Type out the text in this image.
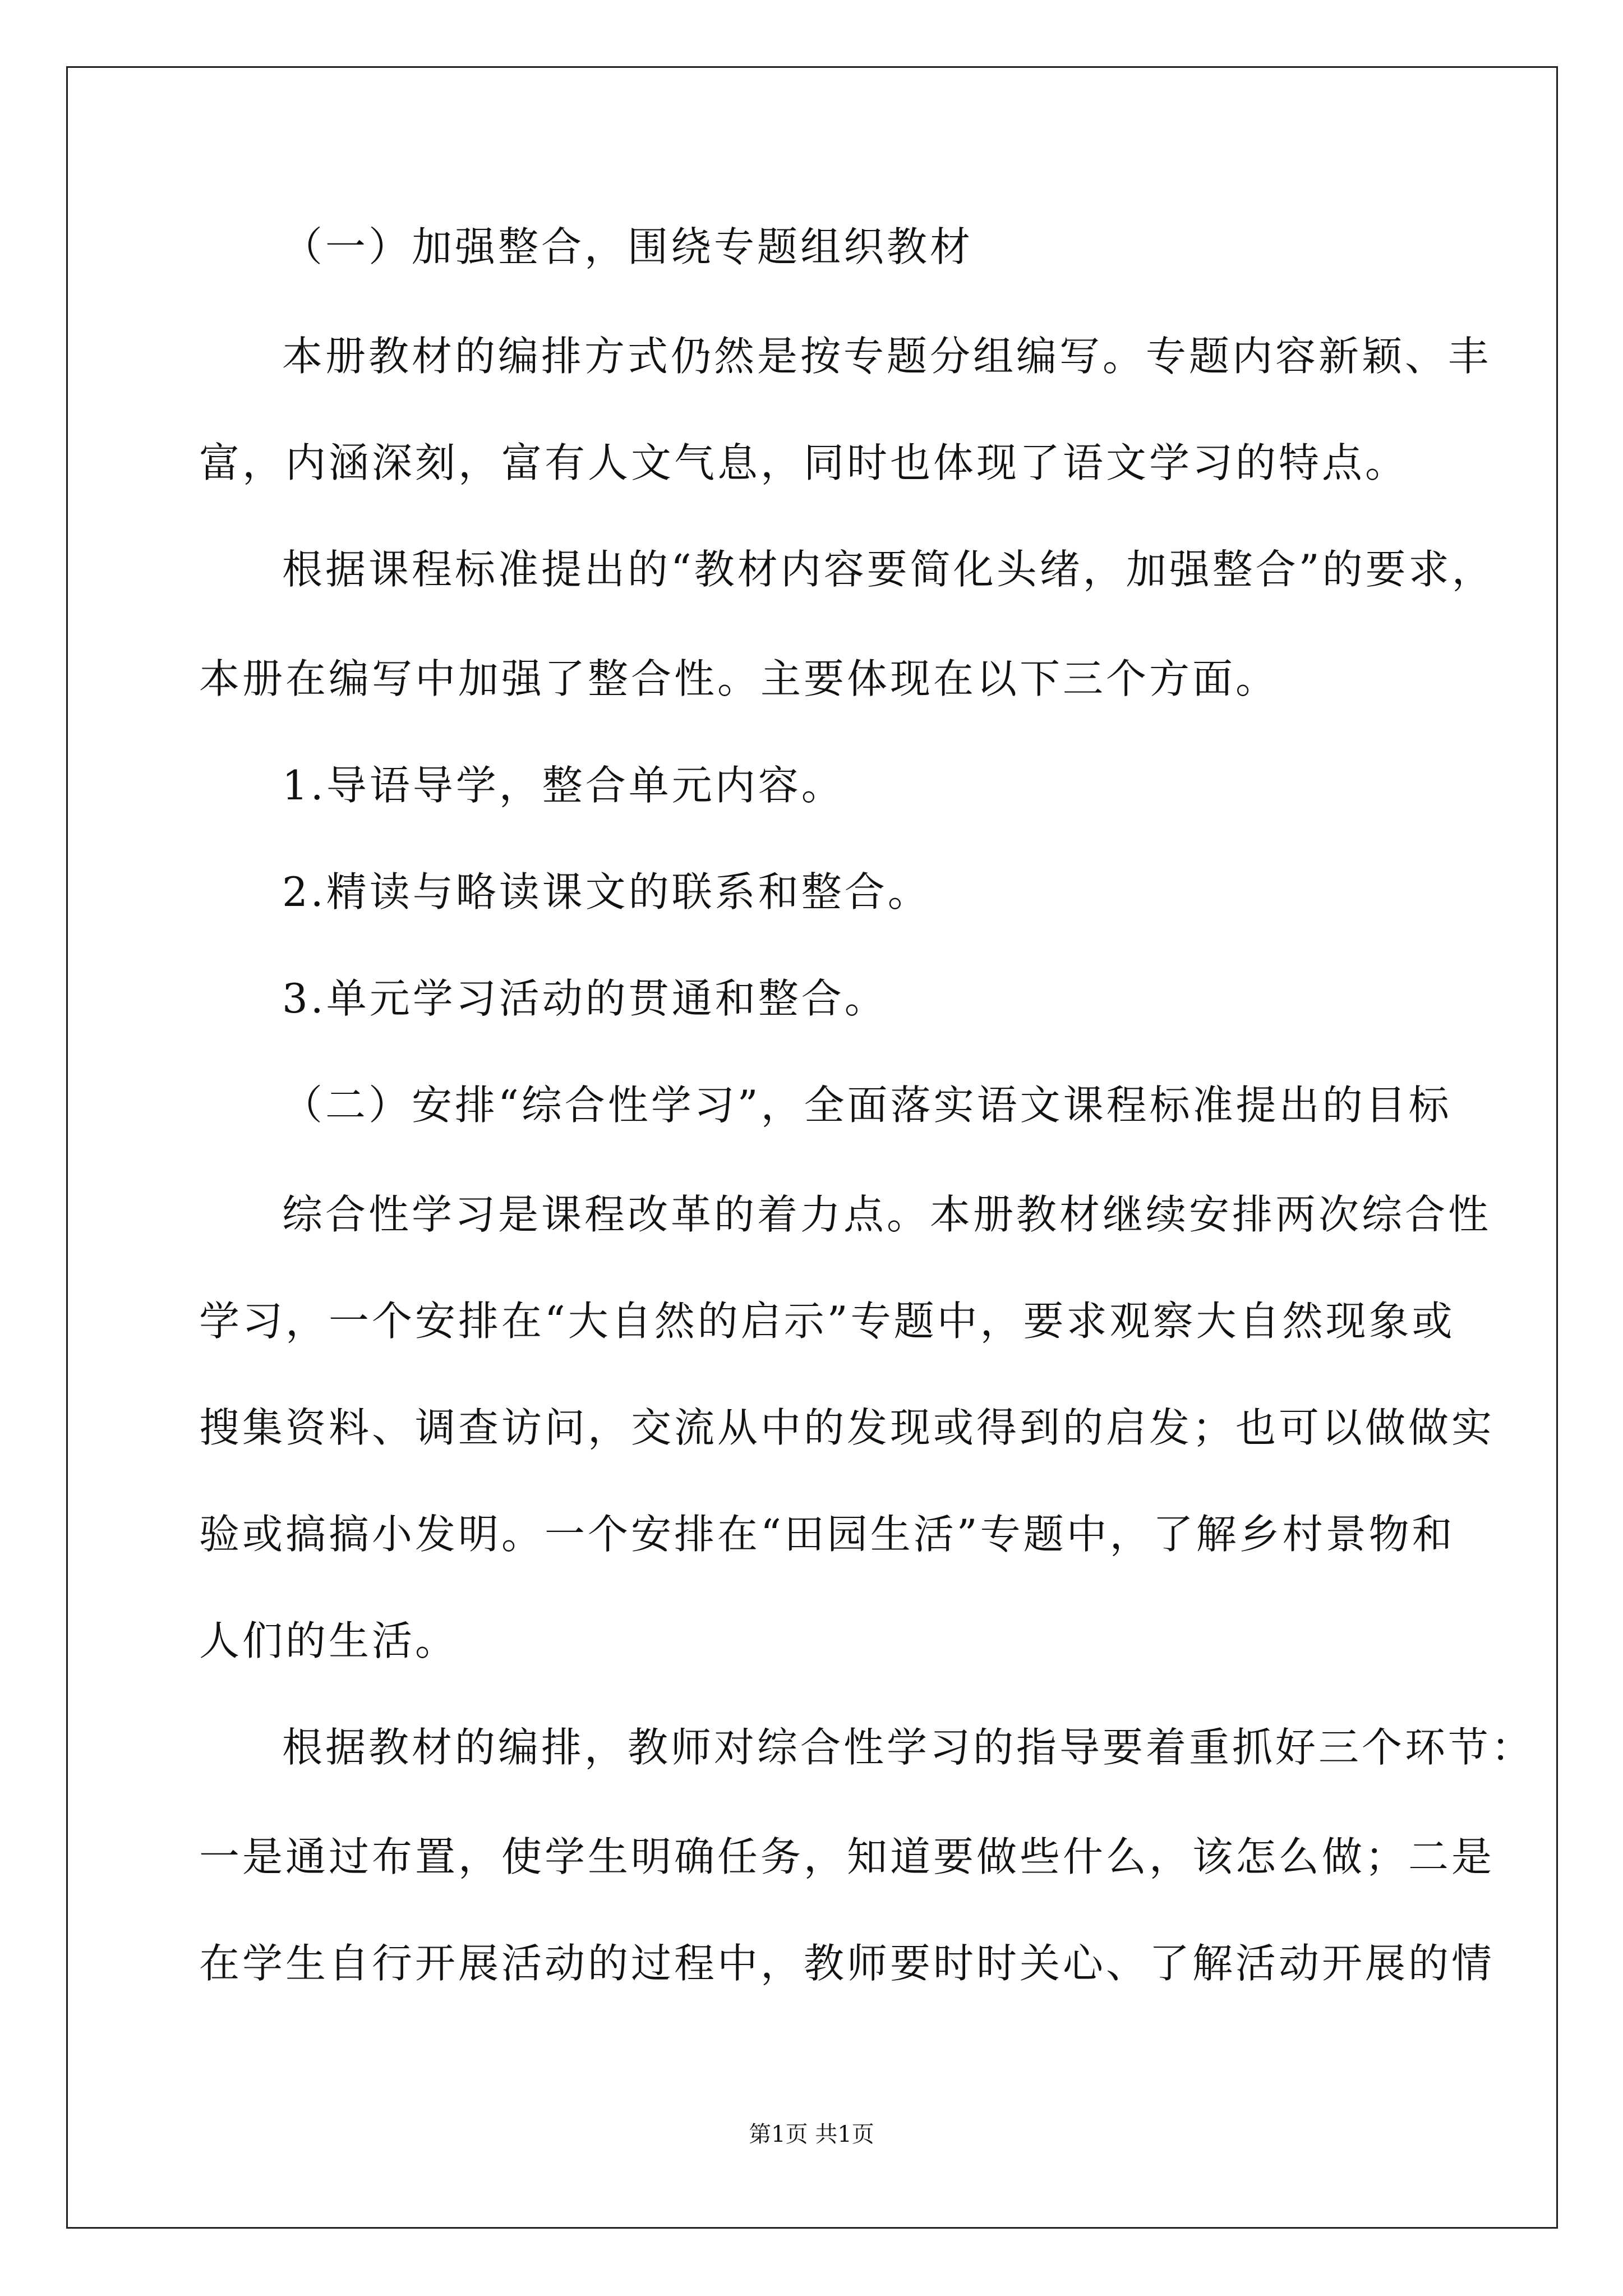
（一）加强整合，围绕专题组织教材
本册教材的编排方式仍然是按专题分组编写。专题内容新颖、丰
富，内涵深刻，富有人文气息，同时也体现了语文学习的特点。
根据课程标准提出的“教材内容要简化头绪，加强整合”的要求，
本册在编写中加强了整合性。主要体现在以下三个方面。
1.导语导学，整合单元内容。
2.精读与略读课文的联系和整合。
3.单元学习活动的贯通和整合。
（二）安排“综合性学习”，全面落实语文课程标准提出的目标
综合性学习是课程改革的着力点。本册教材继续安排两次综合性
学习，一个安排在“大自然的启示”专题中，要求观察大自然现象或
搜集资料、调查访问，交流从中的发现或得到的启发；也可以做做实
验或搞搞小发明。一个安排在“田园生活”专题中，了解乡村景物和
人们的生活。
根据教材的编排，教师对综合性学习的指导要着重抓好三个环节：
一是通过布置，使学生明确任务，知道要做些什么，该怎么做；二是
在学生自行开展活动的过程中，教师要时时关心、了解活动开展的情
第1页 共1页
